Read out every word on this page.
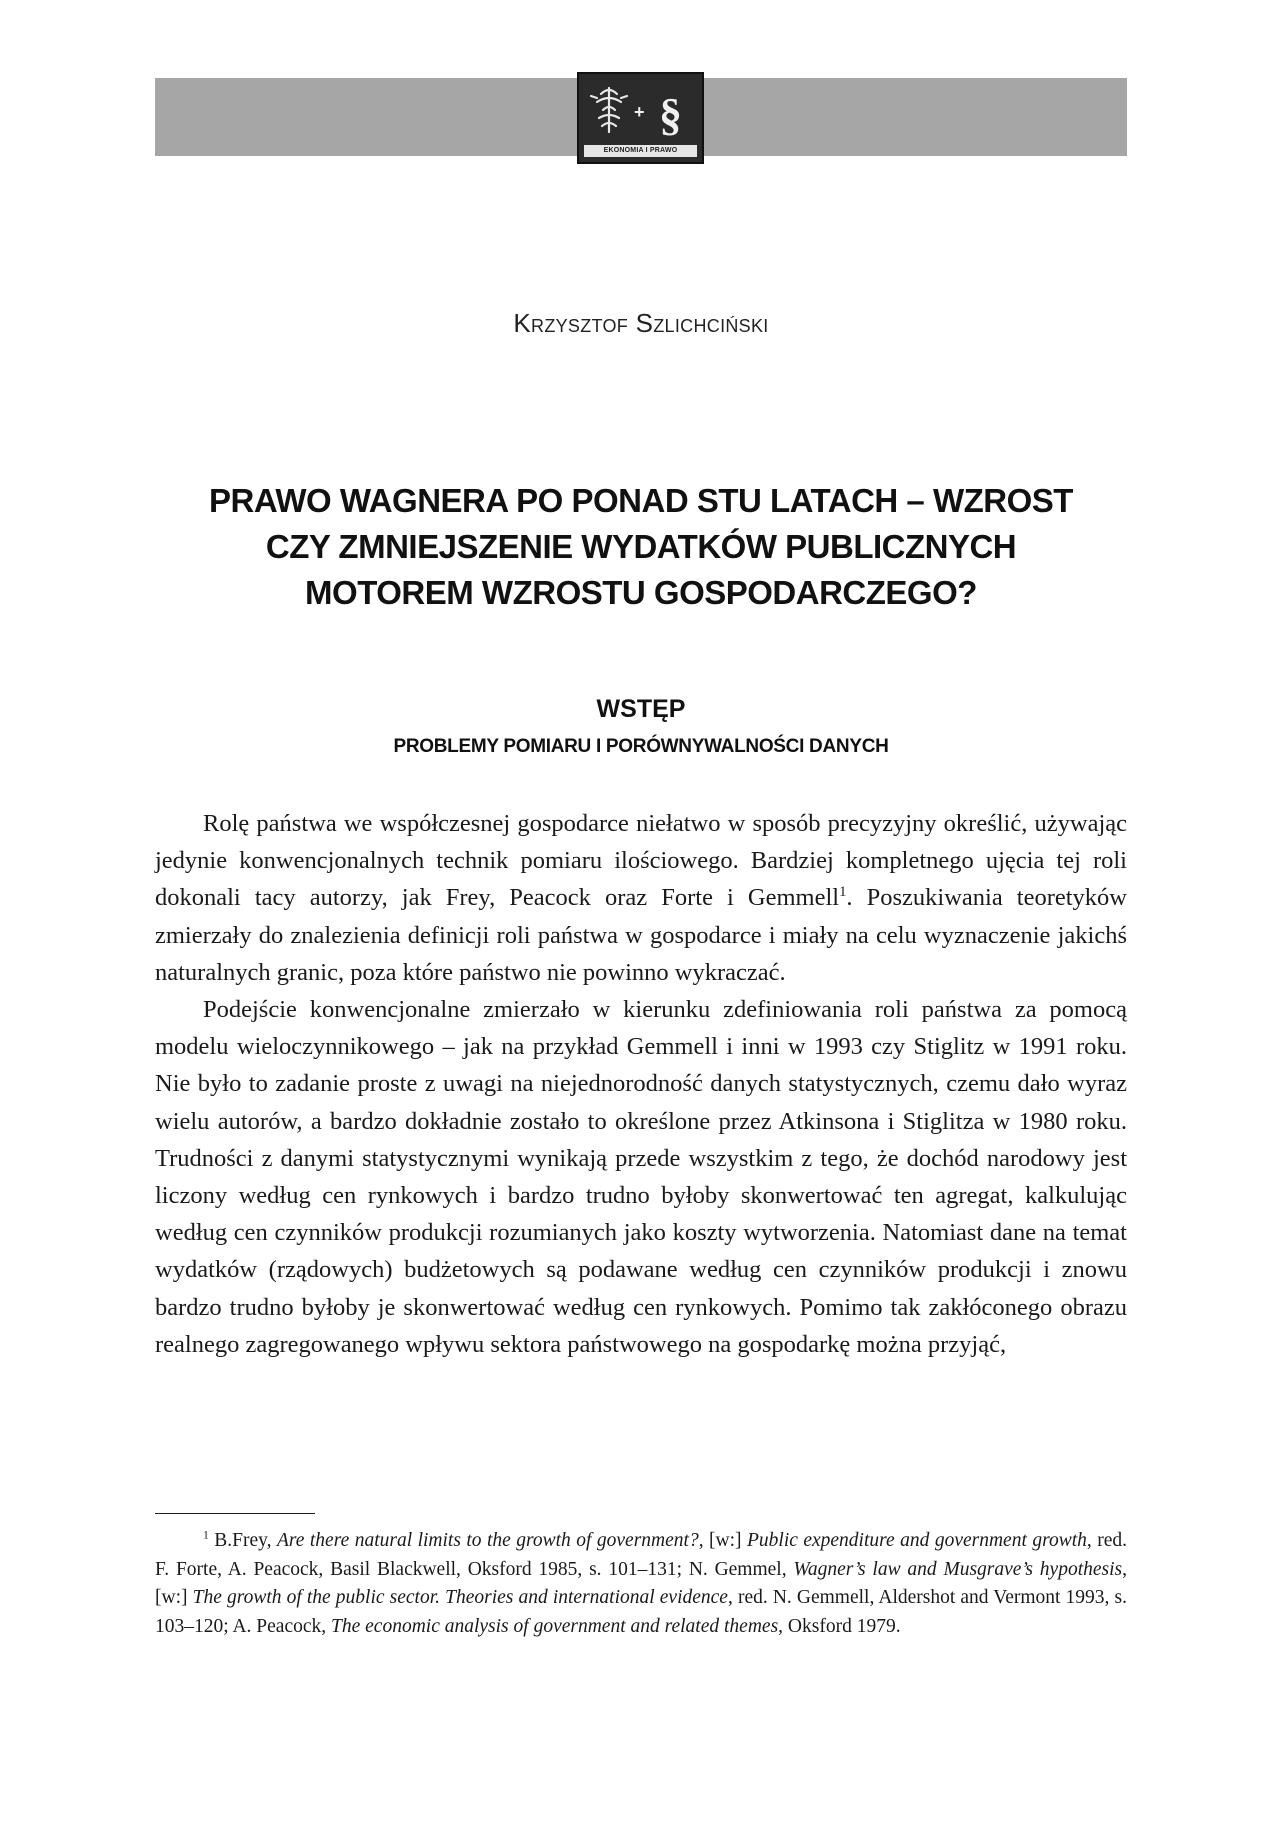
+ §
EKONOMIA I PRAWO
Krzysztof Szlichciński
PRAWO WAGNERA PO PONAD STU LATACH – WZROST
CZY ZMNIEJSZENIE WYDATKÓW PUBLICZNYCH
MOTOREM WZROSTU GOSPODARCZEGO?
WSTĘP
PROBLEMY POMIARU I PORÓWNYWALNOŚCI DANYCH

Rolę państwa we współczesnej gospodarce niełatwo w sposób precyzyjny określić, używając jedynie konwencjonalnych technik pomiaru ilościowego. Bardziej kompletnego ujęcia tej roli dokonali tacy autorzy, jak Frey, Peacock oraz Forte i Gemmell$^1$. Poszukiwania teoretyków zmierzały do znalezienia definicji roli państwa w gospodarce i miały na celu wyznaczenie jakichś naturalnych granic, poza które państwo nie powinno wykraczać.

Podejście konwencjonalne zmierzało w kierunku zdefiniowania roli państwa za pomocą modelu wieloczynnikowego – jak na przykład Gemmell i inni w 1993 czy Stiglitz w 1991 roku. Nie było to zadanie proste z uwagi na niejednorodność danych statystycznych, czemu dało wyraz wielu autorów, a bardzo dokładnie zostało to określone przez Atkinsona i Stiglitza w 1980 roku. Trudności z danymi statystycznymi wynikają przede wszystkim z tego, że dochód narodowy jest liczony według cen rynkowych i bardzo trudno byłoby skonwertować ten agregat, kalkulując według cen czynników produkcji rozumianych jako koszty wytworzenia. Natomiast dane na temat wydatków (rządowych) budżetowych są podawane według cen czynników produkcji i znowu bardzo trudno byłoby je skonwertować według cen rynkowych. Pomimo tak zakłóconego obrazu realnego zagregowanego wpływu sektora państwowego na gospodarkę można przyjąć,

$^1$ B.Frey, Are there natural limits to the growth of government?, [w:] Public expenditure and government growth, red. F. Forte, A. Peacock, Basil Blackwell, Oksford 1985, s. 101–131; N. Gemmel, Wagner’s law and Musgrave’s hypothesis, [w:] The growth of the public sector. Theories and international evidence, red. N. Gemmell, Aldershot and Vermont 1993, s. 103–120; A. Peacock, The economic analysis of government and related themes, Oksford 1979.
